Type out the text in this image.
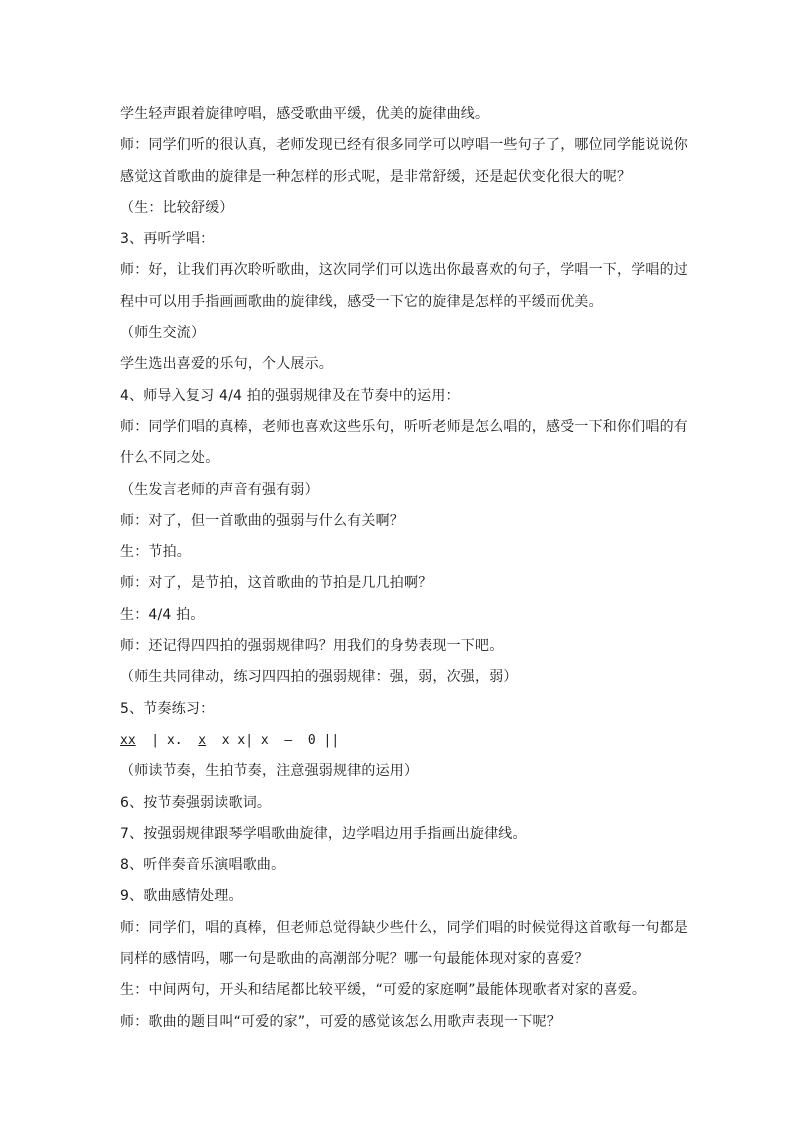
学生轻声跟着旋律哼唱，感受歌曲平缓，优美的旋律曲线。
师：同学们听的很认真，老师发现已经有很多同学可以哼唱一些句子了，哪位同学能说说你
感觉这首歌曲的旋律是一种怎样的形式呢，是非常舒缓，还是起伏变化很大的呢？
（生：比较舒缓）
3、再听学唱：
师：好，让我们再次聆听歌曲，这次同学们可以选出你最喜欢的句子，学唱一下，学唱的过
程中可以用手指画画歌曲的旋律线，感受一下它的旋律是怎样的平缓而优美。
（师生交流）
学生选出喜爱的乐句，个人展示。
4、师导入复习 4/4 拍的强弱规律及在节奏中的运用：
师：同学们唱的真棒，老师也喜欢这些乐句，听听老师是怎么唱的，感受一下和你们唱的有
什么不同之处。
（生发言老师的声音有强有弱）
师：对了，但一首歌曲的强弱与什么有关啊？
生：节拍。
师：对了，是节拍，这首歌曲的节拍是几几拍啊？
生：4/4 拍。
师：还记得四四拍的强弱规律吗？用我们的身势表现一下吧。
（师生共同律动，练习四四拍的强弱规律：强，弱，次强，弱）
5、节奏练习：
xx  | x.  x  x x| x  –  0 ||
（师读节奏，生拍节奏，注意强弱规律的运用）
6、按节奏强弱读歌词。
7、按强弱规律跟琴学唱歌曲旋律，边学唱边用手指画出旋律线。
8、听伴奏音乐演唱歌曲。
9、歌曲感情处理。
师：同学们，唱的真棒，但老师总觉得缺少些什么，同学们唱的时候觉得这首歌每一句都是
同样的感情吗，哪一句是歌曲的高潮部分呢？哪一句最能体现对家的喜爱？
生：中间两句，开头和结尾都比较平缓，“可爱的家庭啊”最能体现歌者对家的喜爱。
师：歌曲的题目叫“可爱的家”，可爱的感觉该怎么用歌声表现一下呢？
